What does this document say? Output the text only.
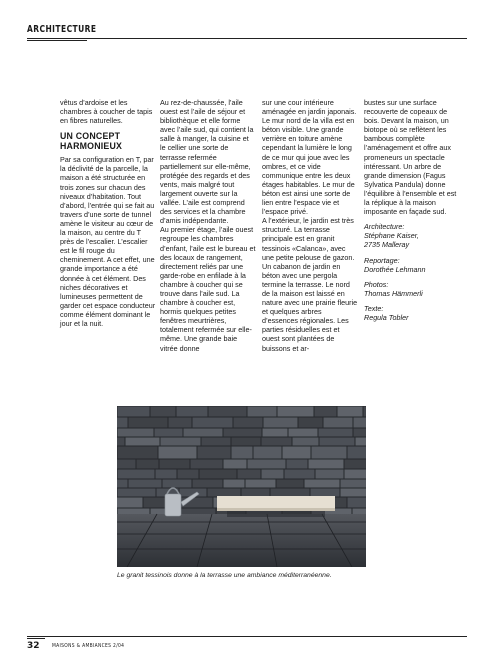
ARCHITECTURE

vêtus d’ardoise et les chambres à coucher de tapis en fibres naturelles.

UN CONCEPT HARMONIEUX

Par sa configuration en T, par la déclivité de la parcelle, la maison a été structurée en trois zones sur chacun des niveaux d’habitation. Tout d’abord, l’entrée qui se fait au travers d’une sorte de tunnel amène le visiteur au cœur de la maison, au centre du T près de l’escalier. L’escalier est le fil rouge du cheminement. A cet effet, une grande importance a été donnée à cet élément. Des niches décoratives et lumineuses permettent de garder cet espace conducteur comme élément dominant le jour et la nuit.

Au rez-de-chaussée, l’aile ouest est l’aile de séjour et bibliothèque et elle forme avec l’aile sud, qui contient la salle à manger, la cuisine et le cellier une sorte de terrasse refermée partiellement sur elle-même, protégée des regards et des vents, mais malgré tout largement ouverte sur la vallée. L’aile est comprend des services et la chambre d’amis indépendante.

Au premier étage, l’aile ouest regroupe les chambres d’enfant, l’aile est le bureau et des locaux de rangement, directement reliés par une garde-robe en enfilade à la chambre à coucher qui se trouve dans l’aile sud. La chambre à coucher est, hormis quelques petites fenêtres meurtrières, totalement refermée sur elle-même. Une grande baie vitrée donne

sur une cour intérieure aménagée en jardin japonais. Le mur nord de la villa est en béton visible. Une grande verrière en toiture amène cependant la lumière le long de ce mur qui joue avec les ombres, et ce vide communique entre les deux étages habitables. Le mur de béton est ainsi une sorte de lien entre l’espace vie et l’espace privé.

A l’extérieur, le jardin est très structuré. La terrasse principale est en granit tessinois «Calanca», avec une petite pelouse de gazon. Un cabanon de jardin en béton avec une pergola termine la terrasse. Le nord de la maison est laissé en nature avec une prairie fleurie et quelques arbres d’essences régionales. Les parties résiduelles est et ouest sont plantées de buissons et ar-

bustes sur une surface recouverte de copeaux de bois. Devant la maison, un biotope où se reflètent les bambous complète l’aménagement et offre aux promeneurs un spectacle intéressant. Un arbre de grande dimension (Fagus Sylvatica Pandula) donne l’équilibre à l’ensemble et est la réplique à la maison imposante en façade sud.

Architecture:
Stéphane Kaiser,
2735 Malleray
Reportage:
Dorothée Lehmann
Photos:
Thomas Hämmerli
Texte:
Regula Tobler
Le granit tessinois donne à la terrasse une ambiance méditerranéenne.
32 MAISONS & AMBIANCES 2/04
